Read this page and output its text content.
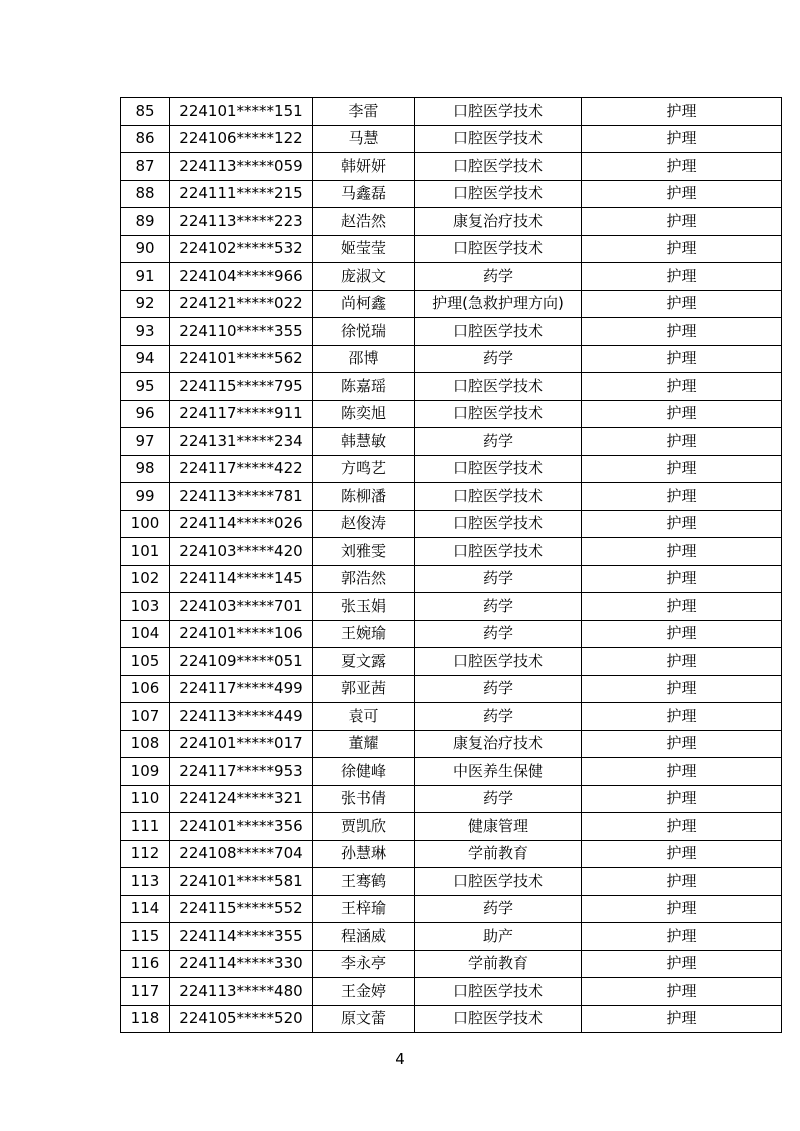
85	224101*****151	李雷	口腔医学技术	护理
86	224106*****122	马慧	口腔医学技术	护理
87	224113*****059	韩妍妍	口腔医学技术	护理
88	224111*****215	马鑫磊	口腔医学技术	护理
89	224113*****223	赵浩然	康复治疗技术	护理
90	224102*****532	姬莹莹	口腔医学技术	护理
91	224104*****966	庞淑文	药学	护理
92	224121*****022	尚柯鑫	护理(急救护理方向)	护理
93	224110*****355	徐悦瑞	口腔医学技术	护理
94	224101*****562	邵博	药学	护理
95	224115*****795	陈嘉瑶	口腔医学技术	护理
96	224117*****911	陈奕旭	口腔医学技术	护理
97	224131*****234	韩慧敏	药学	护理
98	224117*****422	方鸣艺	口腔医学技术	护理
99	224113*****781	陈柳潘	口腔医学技术	护理
100	224114*****026	赵俊涛	口腔医学技术	护理
101	224103*****420	刘雅雯	口腔医学技术	护理
102	224114*****145	郭浩然	药学	护理
103	224103*****701	张玉娟	药学	护理
104	224101*****106	王婉瑜	药学	护理
105	224109*****051	夏文露	口腔医学技术	护理
106	224117*****499	郭亚茜	药学	护理
107	224113*****449	袁可	药学	护理
108	224101*****017	董耀	康复治疗技术	护理
109	224117*****953	徐健峰	中医养生保健	护理
110	224124*****321	张书倩	药学	护理
111	224101*****356	贾凯欣	健康管理	护理
112	224108*****704	孙慧琳	学前教育	护理
113	224101*****581	王骞鹤	口腔医学技术	护理
114	224115*****552	王梓瑜	药学	护理
115	224114*****355	程涵威	助产	护理
116	224114*****330	李永亭	学前教育	护理
117	224113*****480	王金婷	口腔医学技术	护理
118	224105*****520	原文蕾	口腔医学技术	护理
4
